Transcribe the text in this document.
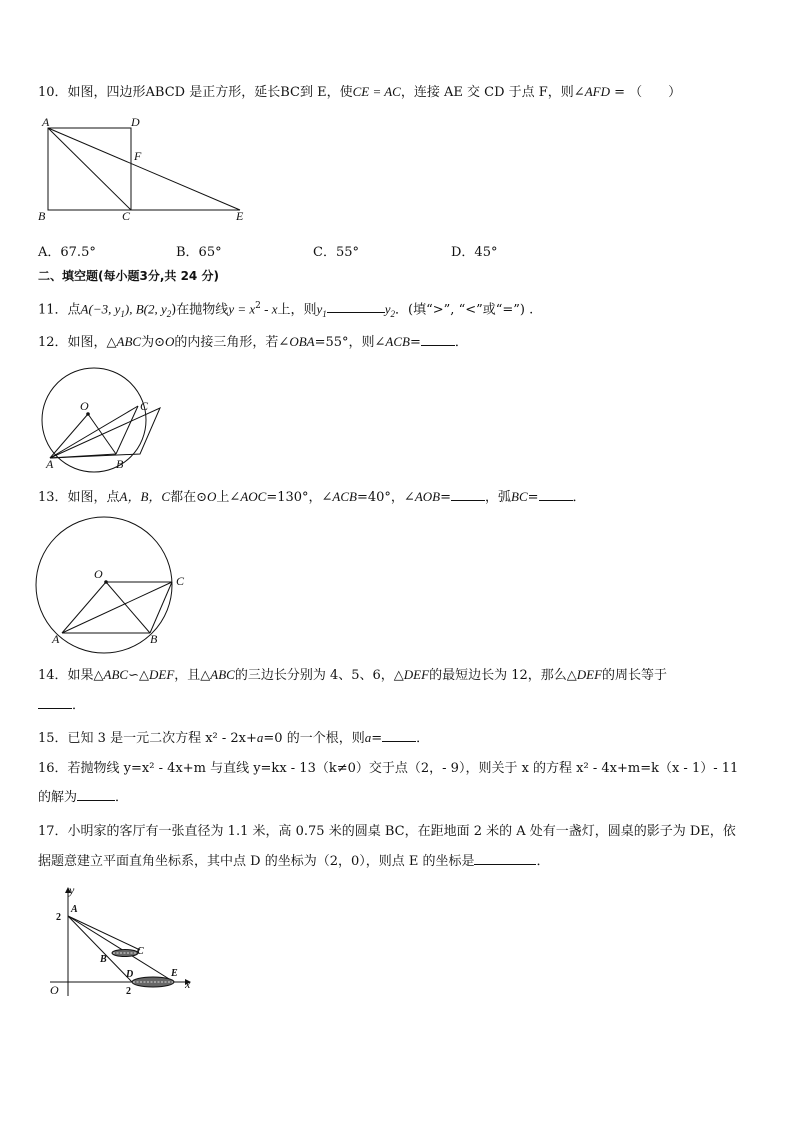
10．如图，四边形ABCD 是正方形，延长BC到 E，使CE = AC，连接 AE 交 CD 于点 F，则∠AFD = （　　）
A	D
F
B	C	E
A．67.5°	B．65°	C．55°	D．45°
二、填空题(每小题3分,共 24 分)
11．点A(−3, $y_1$), B(2, $y_2$)在抛物线$y = x^2 - x$上，则$y_1$	$y_2$．(填“>”, “<”或“=”) .
12．如图，△ABC为⊙O的内接三角形，若∠OBA=55°，则∠ACB=	．
O
A	B
C
13．如图，点A，B，C都在⊙O上∠AOC=130°，∠ACB=40°，∠AOB=	，弧BC=	．
O	C
A	B
14．如果△ABC∽△DEF，且△ABC的三边长分别为 4、5、6，△DEF的最短边长为 12，那么△DEF的周长等于
．
15．已知 3 是一元二次方程 x² - 2x+a=0 的一个根，则a=	．
16．若抛物线 y=x² - 4x+m 与直线 y=kx - 13（k≠0）交于点（2，- 9），则关于 x 的方程 x² - 4x+m=k（x - 1）- 11
的解为	．
17．小明家的客厅有一张直径为 1.1 米，高 0.75 米的圆桌 BC，在距地面 2 米的 A 处有一盏灯，圆桌的影子为 DE，依
据题意建立平面直角坐标系，其中点 D 的坐标为（2，0），则点 E 的坐标是	．
y
x
O
2
2
A
B
C
D	E
